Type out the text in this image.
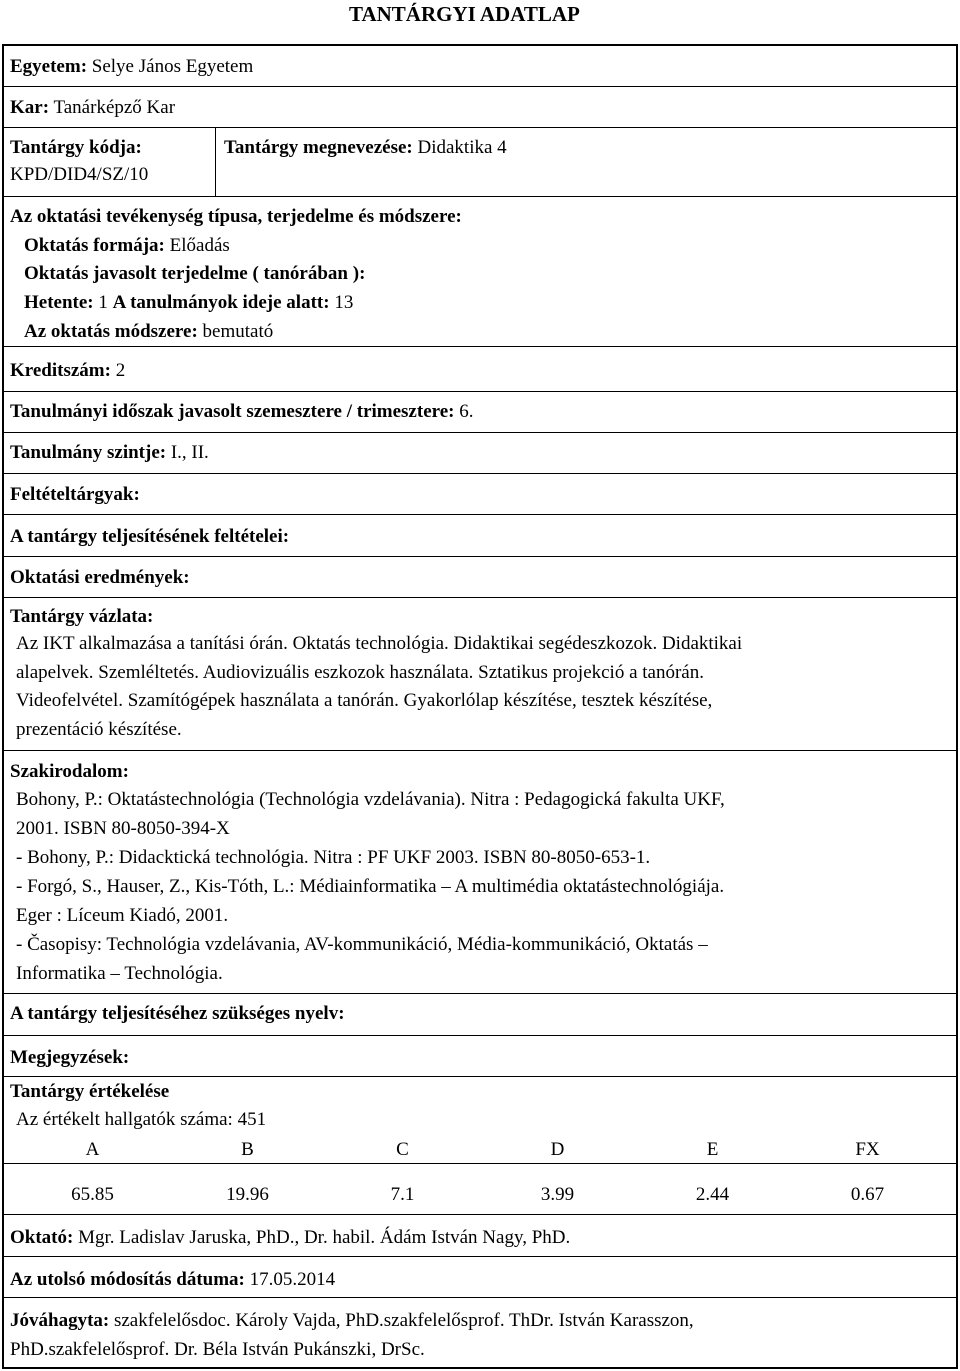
TANTÁRGYI ADATLAP
Egyetem: Selye János Egyetem
Kar: Tanárképző Kar
Tantárgy kódja:
KPD/DID4/SZ/10
Tantárgy megnevezése: Didaktika 4
Az oktatási tevékenység típusa, terjedelme és módszere:
Oktatás formája: Előadás
Oktatás javasolt terjedelme ( tanórában ):
Hetente: 1 A tanulmányok ideje alatt: 13
Az oktatás módszere: bemutató
Kreditszám: 2
Tanulmányi időszak javasolt szemesztere / trimesztere: 6.
Tanulmány szintje: I., II.
Feltételtárgyak:
A tantárgy teljesítésének feltételei:
Oktatási eredmények:
Tantárgy vázlata:
Az IKT alkalmazása a tanítási órán. Oktatás technológia. Didaktikai segédeszkozok. Didaktikai
alapelvek. Szemléltetés. Audiovizuális eszkozok használata. Sztatikus projekció a tanórán.
Videofelvétel. Szamítógépek használata a tanórán. Gyakorlólap készítése, tesztek készítése,
prezentáció készítése.
Szakirodalom:
Bohony, P.: Oktatástechnológia (Technológia vzdelávania). Nitra : Pedagogická fakulta UKF,
2001. ISBN 80-8050-394-X
- Bohony, P.: Didacktická technológia. Nitra : PF UKF 2003. ISBN 80-8050-653-1.
- Forgó, S., Hauser, Z., Kis-Tóth, L.: Médiainformatika – A multimédia oktatástechnológiája.
Eger : Líceum Kiadó, 2001.
- Časopisy: Technológia vzdelávania, AV-kommunikáció, Média-kommunikáció, Oktatás –
Informatika – Technológia.
A tantárgy teljesítéséhez szükséges nyelv:
Megjegyzések:
Tantárgy értékelése
Az értékelt hallgatók száma: 451
A	B	C	D	E	FX
65.85	19.96	7.1	3.99	2.44	0.67
Oktató: Mgr. Ladislav Jaruska, PhD., Dr. habil. Ádám István Nagy, PhD.
Az utolsó módosítás dátuma: 17.05.2014
Jóváhagyta: szakfelelősdoc. Károly Vajda, PhD.szakfelelősprof. ThDr. István Karasszon,
PhD.szakfelelősprof. Dr. Béla István Pukánszki, DrSc.
